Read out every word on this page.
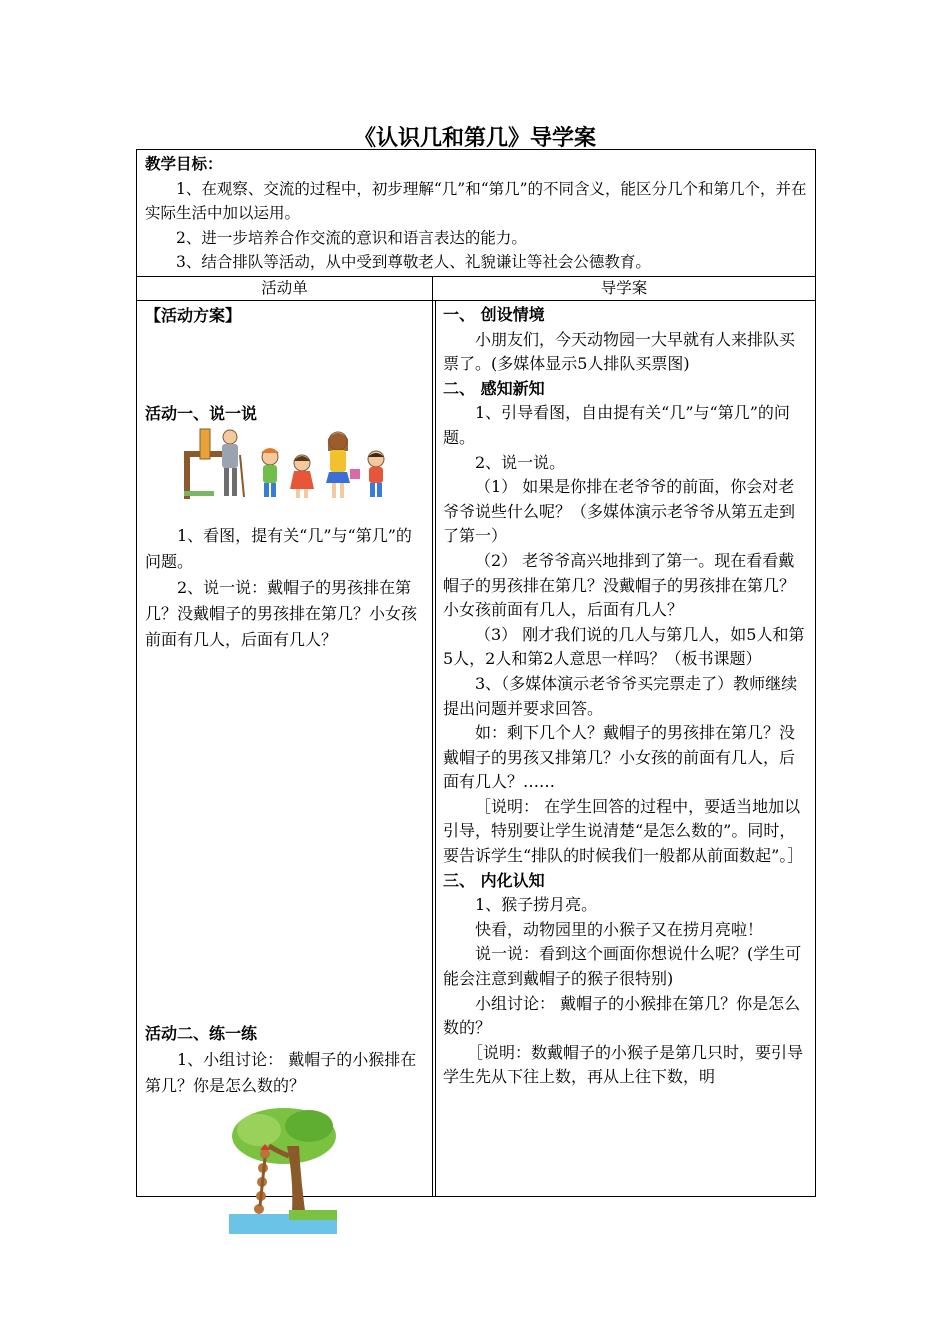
《认识几和第几》导学案
教学目标：

1、在观察、交流的过程中，初步理解“几”和“第几”的不同含义，能区分几个和第几个，并在实际生活中加以运用。

2、进一步培养合作交流的意识和语言表达的能力。

3、结合排队等活动，从中受到尊敬老人、礼貌谦让等社会公德教育。

活动单	导学案
【活动方案】
活动一、说一说

1、看图，提有关“几”与“第几”的问题。

2、说一说：戴帽子的男孩排在第几？没戴帽子的男孩排在第几？小女孩前面有几人，后面有几人？

活动二、练一练

1、小组讨论： 戴帽子的小猴排在第几？你是怎么数的？

一、 创设情境

小朋友们，今天动物园一大早就有人来排队买票了。(多媒体显示5人排队买票图)

二、 感知新知

1、引导看图，自由提有关“几”与“第几”的问题。

2、说一说。

（1） 如果是你排在老爷爷的前面，你会对老爷爷说些什么呢？（多媒体演示老爷爷从第五走到了第一）

（2） 老爷爷高兴地排到了第一。现在看看戴帽子的男孩排在第几？没戴帽子的男孩排在第几？小女孩前面有几人，后面有几人？

（3） 刚才我们说的几人与第几人，如5人和第5人，2人和第2人意思一样吗？（板书课题）

3、（多媒体演示老爷爷买完票走了）教师继续提出问题并要求回答。

如：剩下几个人？戴帽子的男孩排在第几？没戴帽子的男孩又排第几？小女孩的前面有几人，后面有几人？……

［说明： 在学生回答的过程中，要适当地加以引导，特别要让学生说清楚“是怎么数的”。同时，要告诉学生“排队的时候我们一般都从前面数起”。］

三、 内化认知

1、猴子捞月亮。

快看，动物园里的小猴子又在捞月亮啦！

说一说：看到这个画面你想说什么呢？(学生可能会注意到戴帽子的猴子很特别)

小组讨论： 戴帽子的小猴排在第几？你是怎么数的？

［说明：数戴帽子的小猴子是第几只时，要引导学生先从下往上数，再从上往下数，明
